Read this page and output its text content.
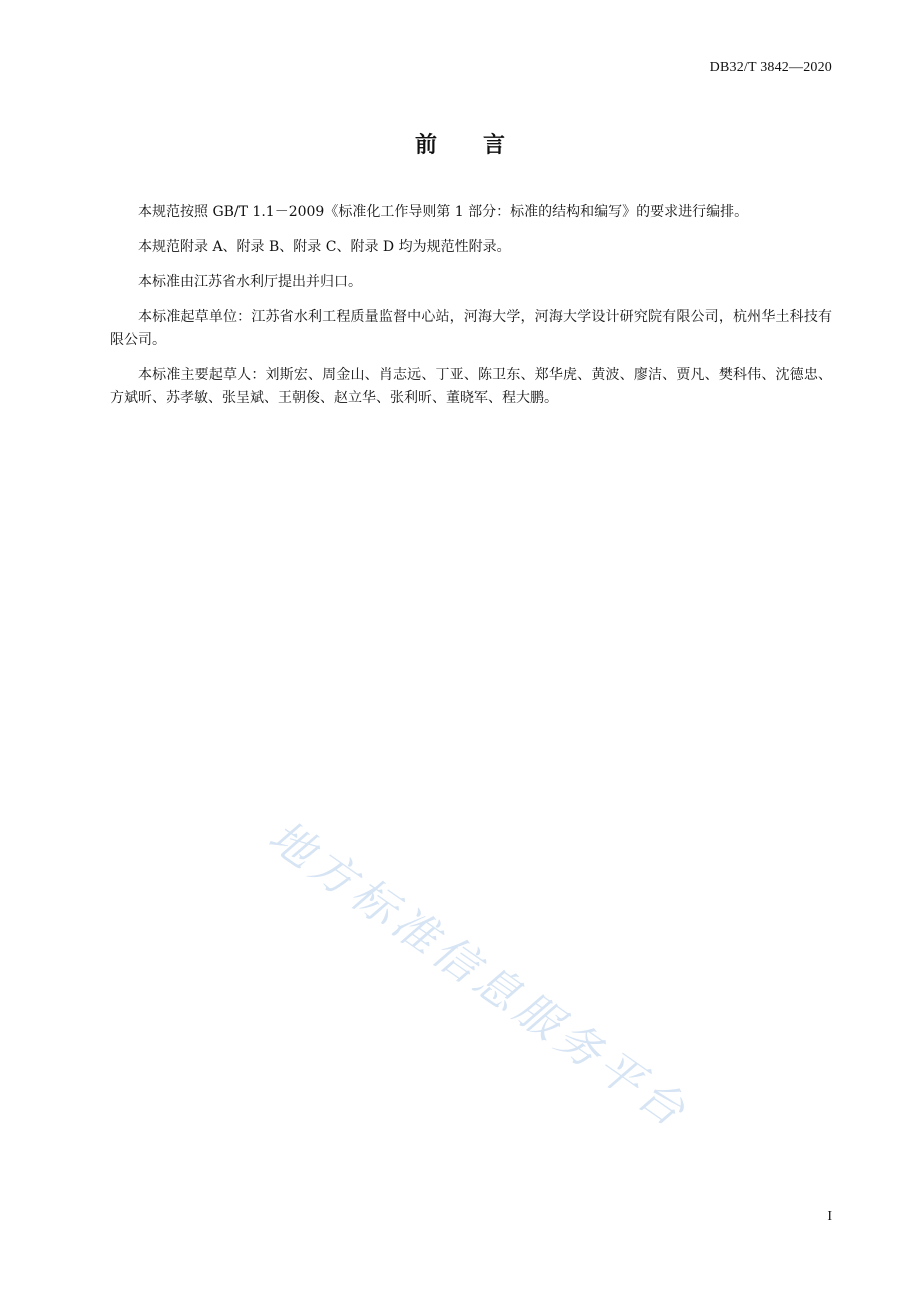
DB32/T 3842—2020
前言

本规范按照 GB/T 1.1－2009《标准化工作导则第 1 部分：标准的结构和编写》的要求进行编排。

本规范附录 A、附录 B、附录 C、附录 D 均为规范性附录。

本标准由江苏省水利厅提出并归口。

本标准起草单位：江苏省水利工程质量监督中心站，河海大学，河海大学设计研究院有限公司，杭州华土科技有限公司。

本标准主要起草人：刘斯宏、周金山、肖志远、丁亚、陈卫东、郑华虎、黄波、廖洁、贾凡、樊科伟、沈德忠、方斌昕、苏孝敏、张呈斌、王朝俊、赵立华、张利昕、董晓军、程大鹏。

地方标准信息服务平台
I
